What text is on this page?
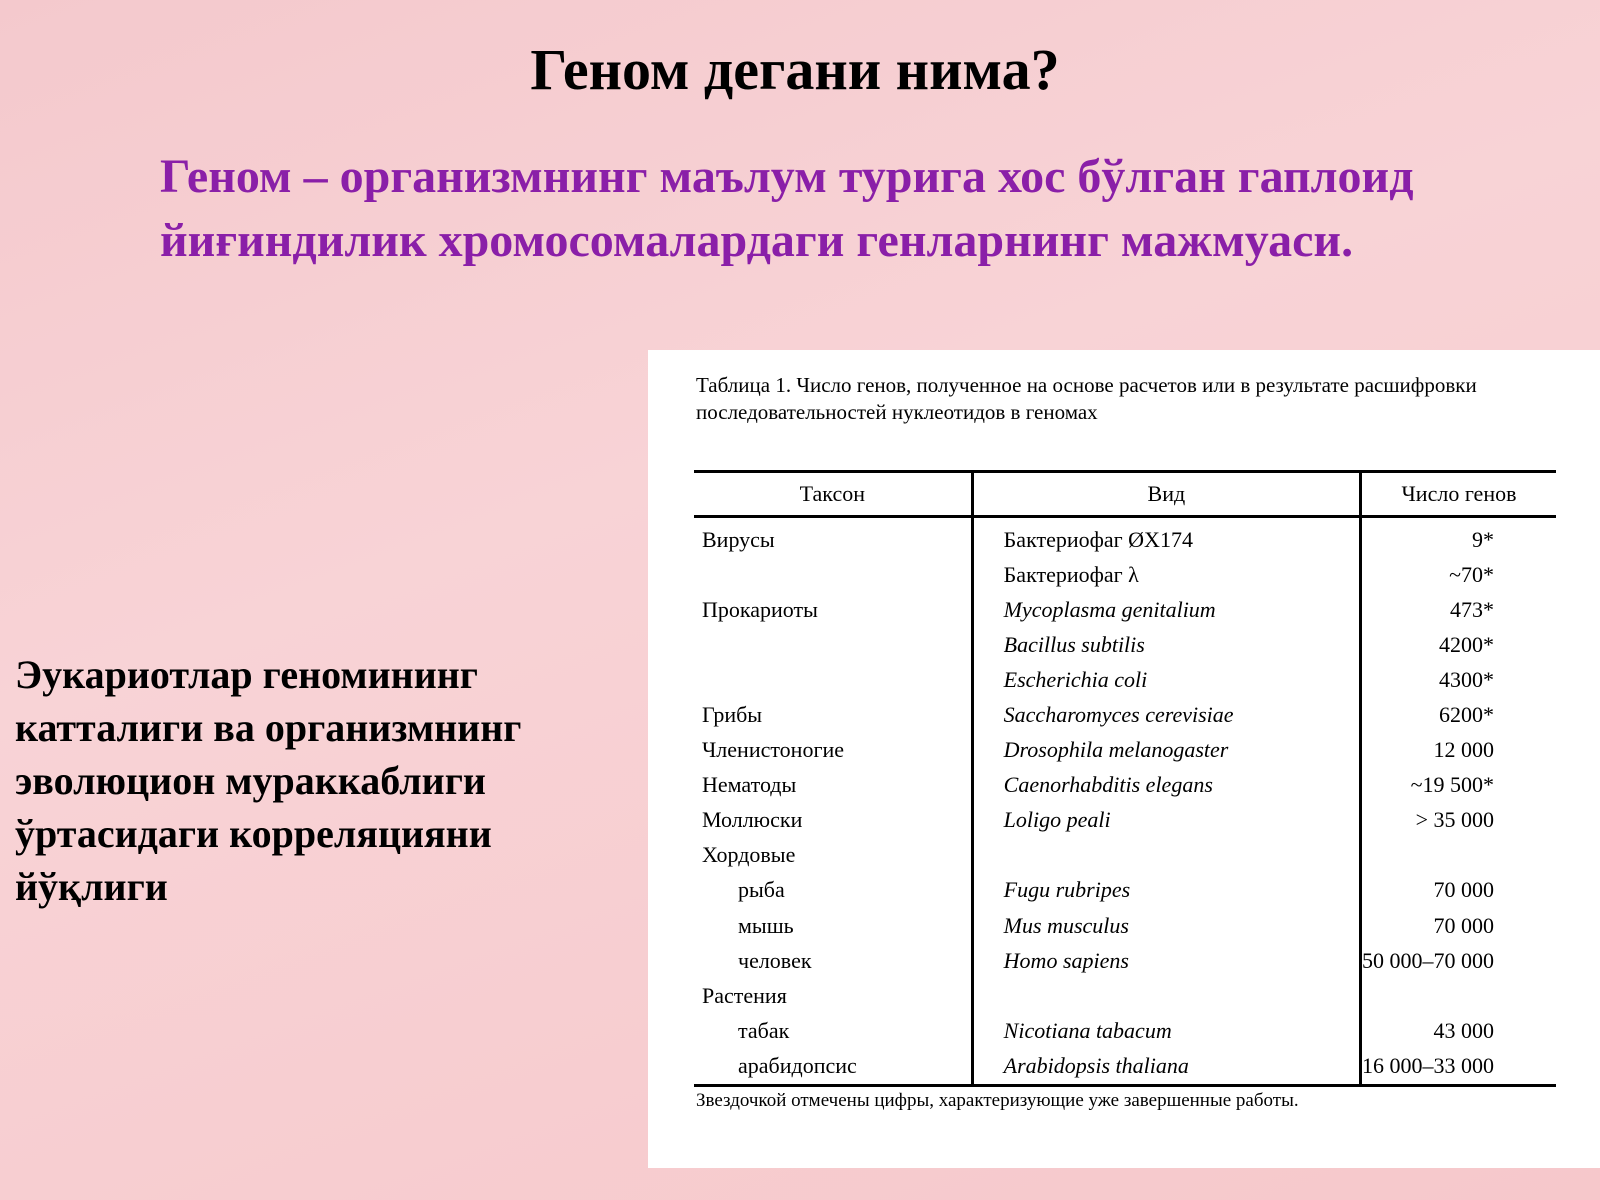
Геном дегани нима?
Геном – организмнинг маълум турига хос бўлган гаплоид йиғиндилик хромосомалардаги генларнинг мажмуаси.
Эукариотлар геномининг катталиги ва организмнинг эволюцион мураккаблиги ўртасидаги корреляцияни йўқлиги
Таблица 1. Число генов, полученное на основе расчетов или в результате расшифровки последовательностей нуклеотидов в геномах
Таксон	Вид	Число генов
Вирусы	Бактериофаг ØX174	9*
	Бактериофаг λ	~70*
Прокариоты	Mycoplasma genitalium	473*
	Bacillus subtilis	4200*
	Escherichia coli	4300*
Грибы	Saccharomyces cerevisiae	6200*
Членистоногие	Drosophila melanogaster	12 000
Нематоды	Caenorhabditis elegans	~19 500*
Моллюски	Loligo peali	> 35 000
Хордовые		
рыба	Fugu rubripes	70 000
мышь	Mus musculus	70 000
человек	Homo sapiens	50 000–70 000
Растения		
табак	Nicotiana tabacum	43 000
арабидопсис	Arabidopsis thaliana	16 000–33 000
Звездочкой отмечены цифры, характеризующие уже завершенные работы.
